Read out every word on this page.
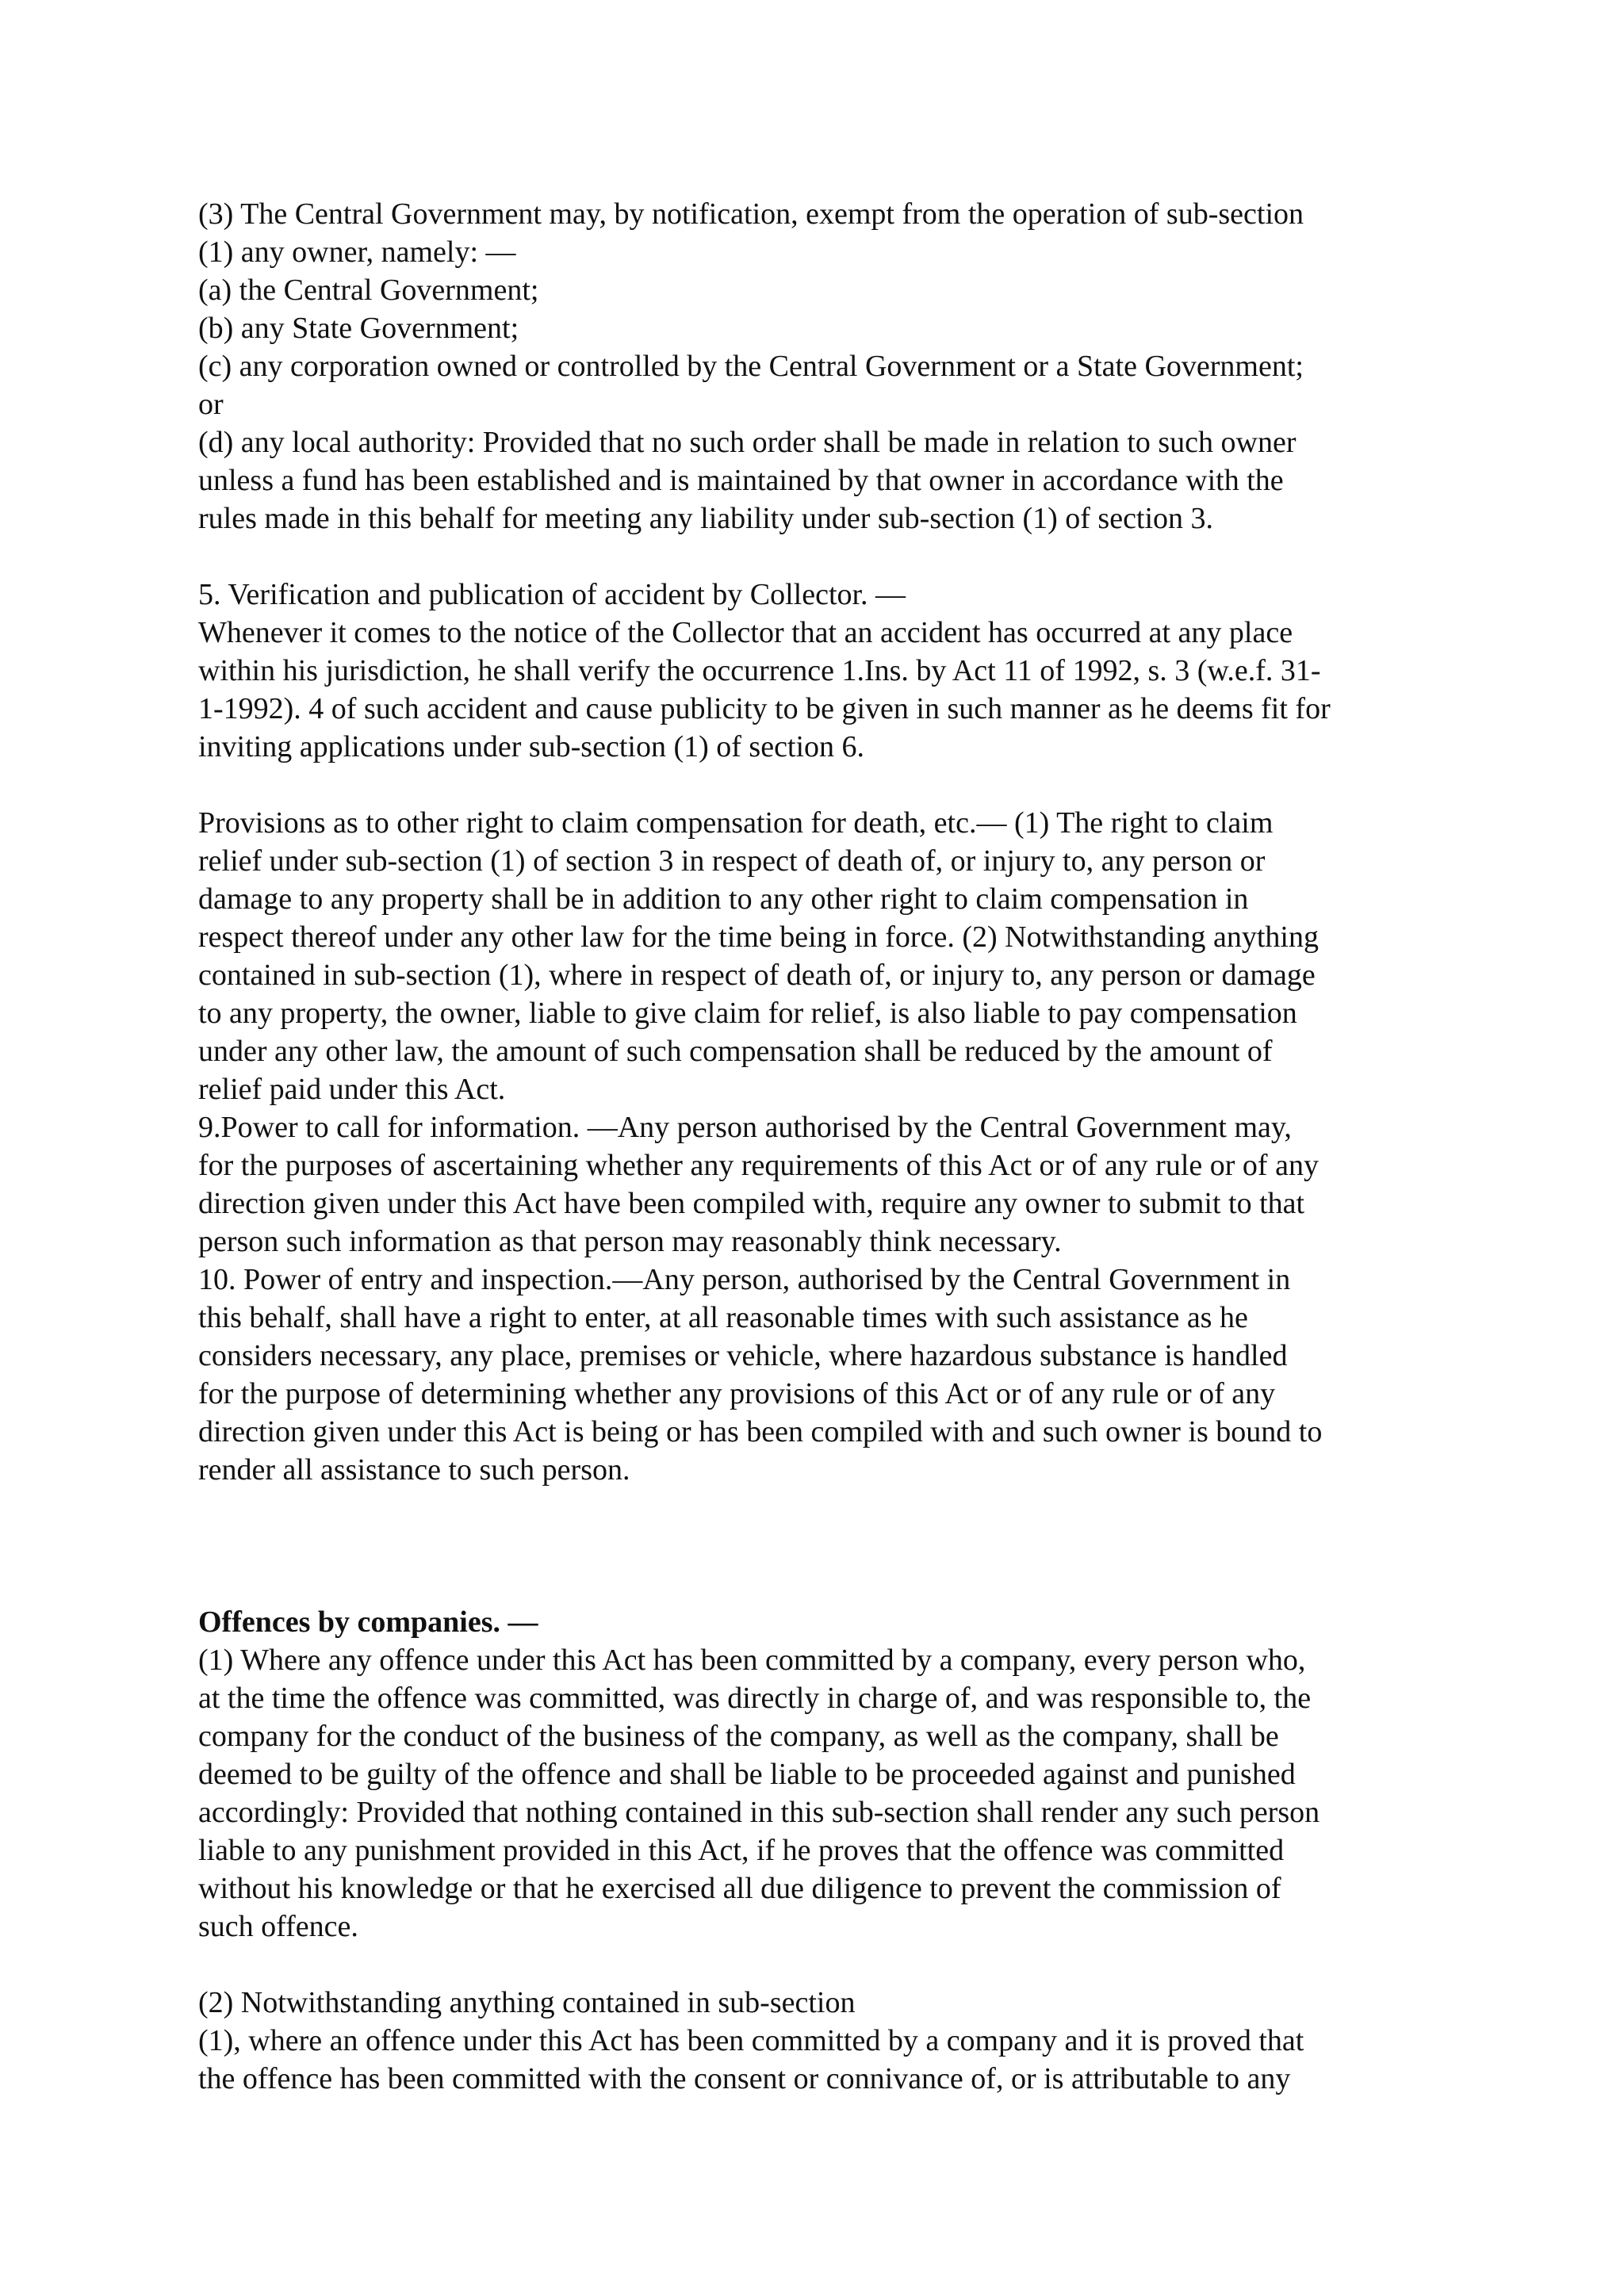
(3) The Central Government may, by notification, exempt from the operation of sub-section
(1) any owner, namely: —
(a) the Central Government;
(b) any State Government;
(c) any corporation owned or controlled by the Central Government or a State Government;
or
(d) any local authority: Provided that no such order shall be made in relation to such owner
unless a fund has been established and is maintained by that owner in accordance with the
rules made in this behalf for meeting any liability under sub-section (1) of section 3.
5. Verification and publication of accident by Collector. —
Whenever it comes to the notice of the Collector that an accident has occurred at any place
within his jurisdiction, he shall verify the occurrence 1.Ins. by Act 11 of 1992, s. 3 (w.e.f. 31-
1-1992). 4 of such accident and cause publicity to be given in such manner as he deems fit for
inviting applications under sub-section (1) of section 6.
Provisions as to other right to claim compensation for death, etc.— (1) The right to claim
relief under sub-section (1) of section 3 in respect of death of, or injury to, any person or
damage to any property shall be in addition to any other right to claim compensation in
respect thereof under any other law for the time being in force. (2) Notwithstanding anything
contained in sub-section (1), where in respect of death of, or injury to, any person or damage
to any property, the owner, liable to give claim for relief, is also liable to pay compensation
under any other law, the amount of such compensation shall be reduced by the amount of
relief paid under this Act.
9.Power to call for information. —Any person authorised by the Central Government may,
for the purposes of ascertaining whether any requirements of this Act or of any rule or of any
direction given under this Act have been compiled with, require any owner to submit to that
person such information as that person may reasonably think necessary.
10. Power of entry and inspection.—Any person, authorised by the Central Government in
this behalf, shall have a right to enter, at all reasonable times with such assistance as he
considers necessary, any place, premises or vehicle, where hazardous substance is handled
for the purpose of determining whether any provisions of this Act or of any rule or of any
direction given under this Act is being or has been compiled with and such owner is bound to
render all assistance to such person.
Offences by companies. —
(1) Where any offence under this Act has been committed by a company, every person who,
at the time the offence was committed, was directly in charge of, and was responsible to, the
company for the conduct of the business of the company, as well as the company, shall be
deemed to be guilty of the offence and shall be liable to be proceeded against and punished
accordingly: Provided that nothing contained in this sub-section shall render any such person
liable to any punishment provided in this Act, if he proves that the offence was committed
without his knowledge or that he exercised all due diligence to prevent the commission of
such offence.
(2) Notwithstanding anything contained in sub-section
(1), where an offence under this Act has been committed by a company and it is proved that
the offence has been committed with the consent or connivance of, or is attributable to any
